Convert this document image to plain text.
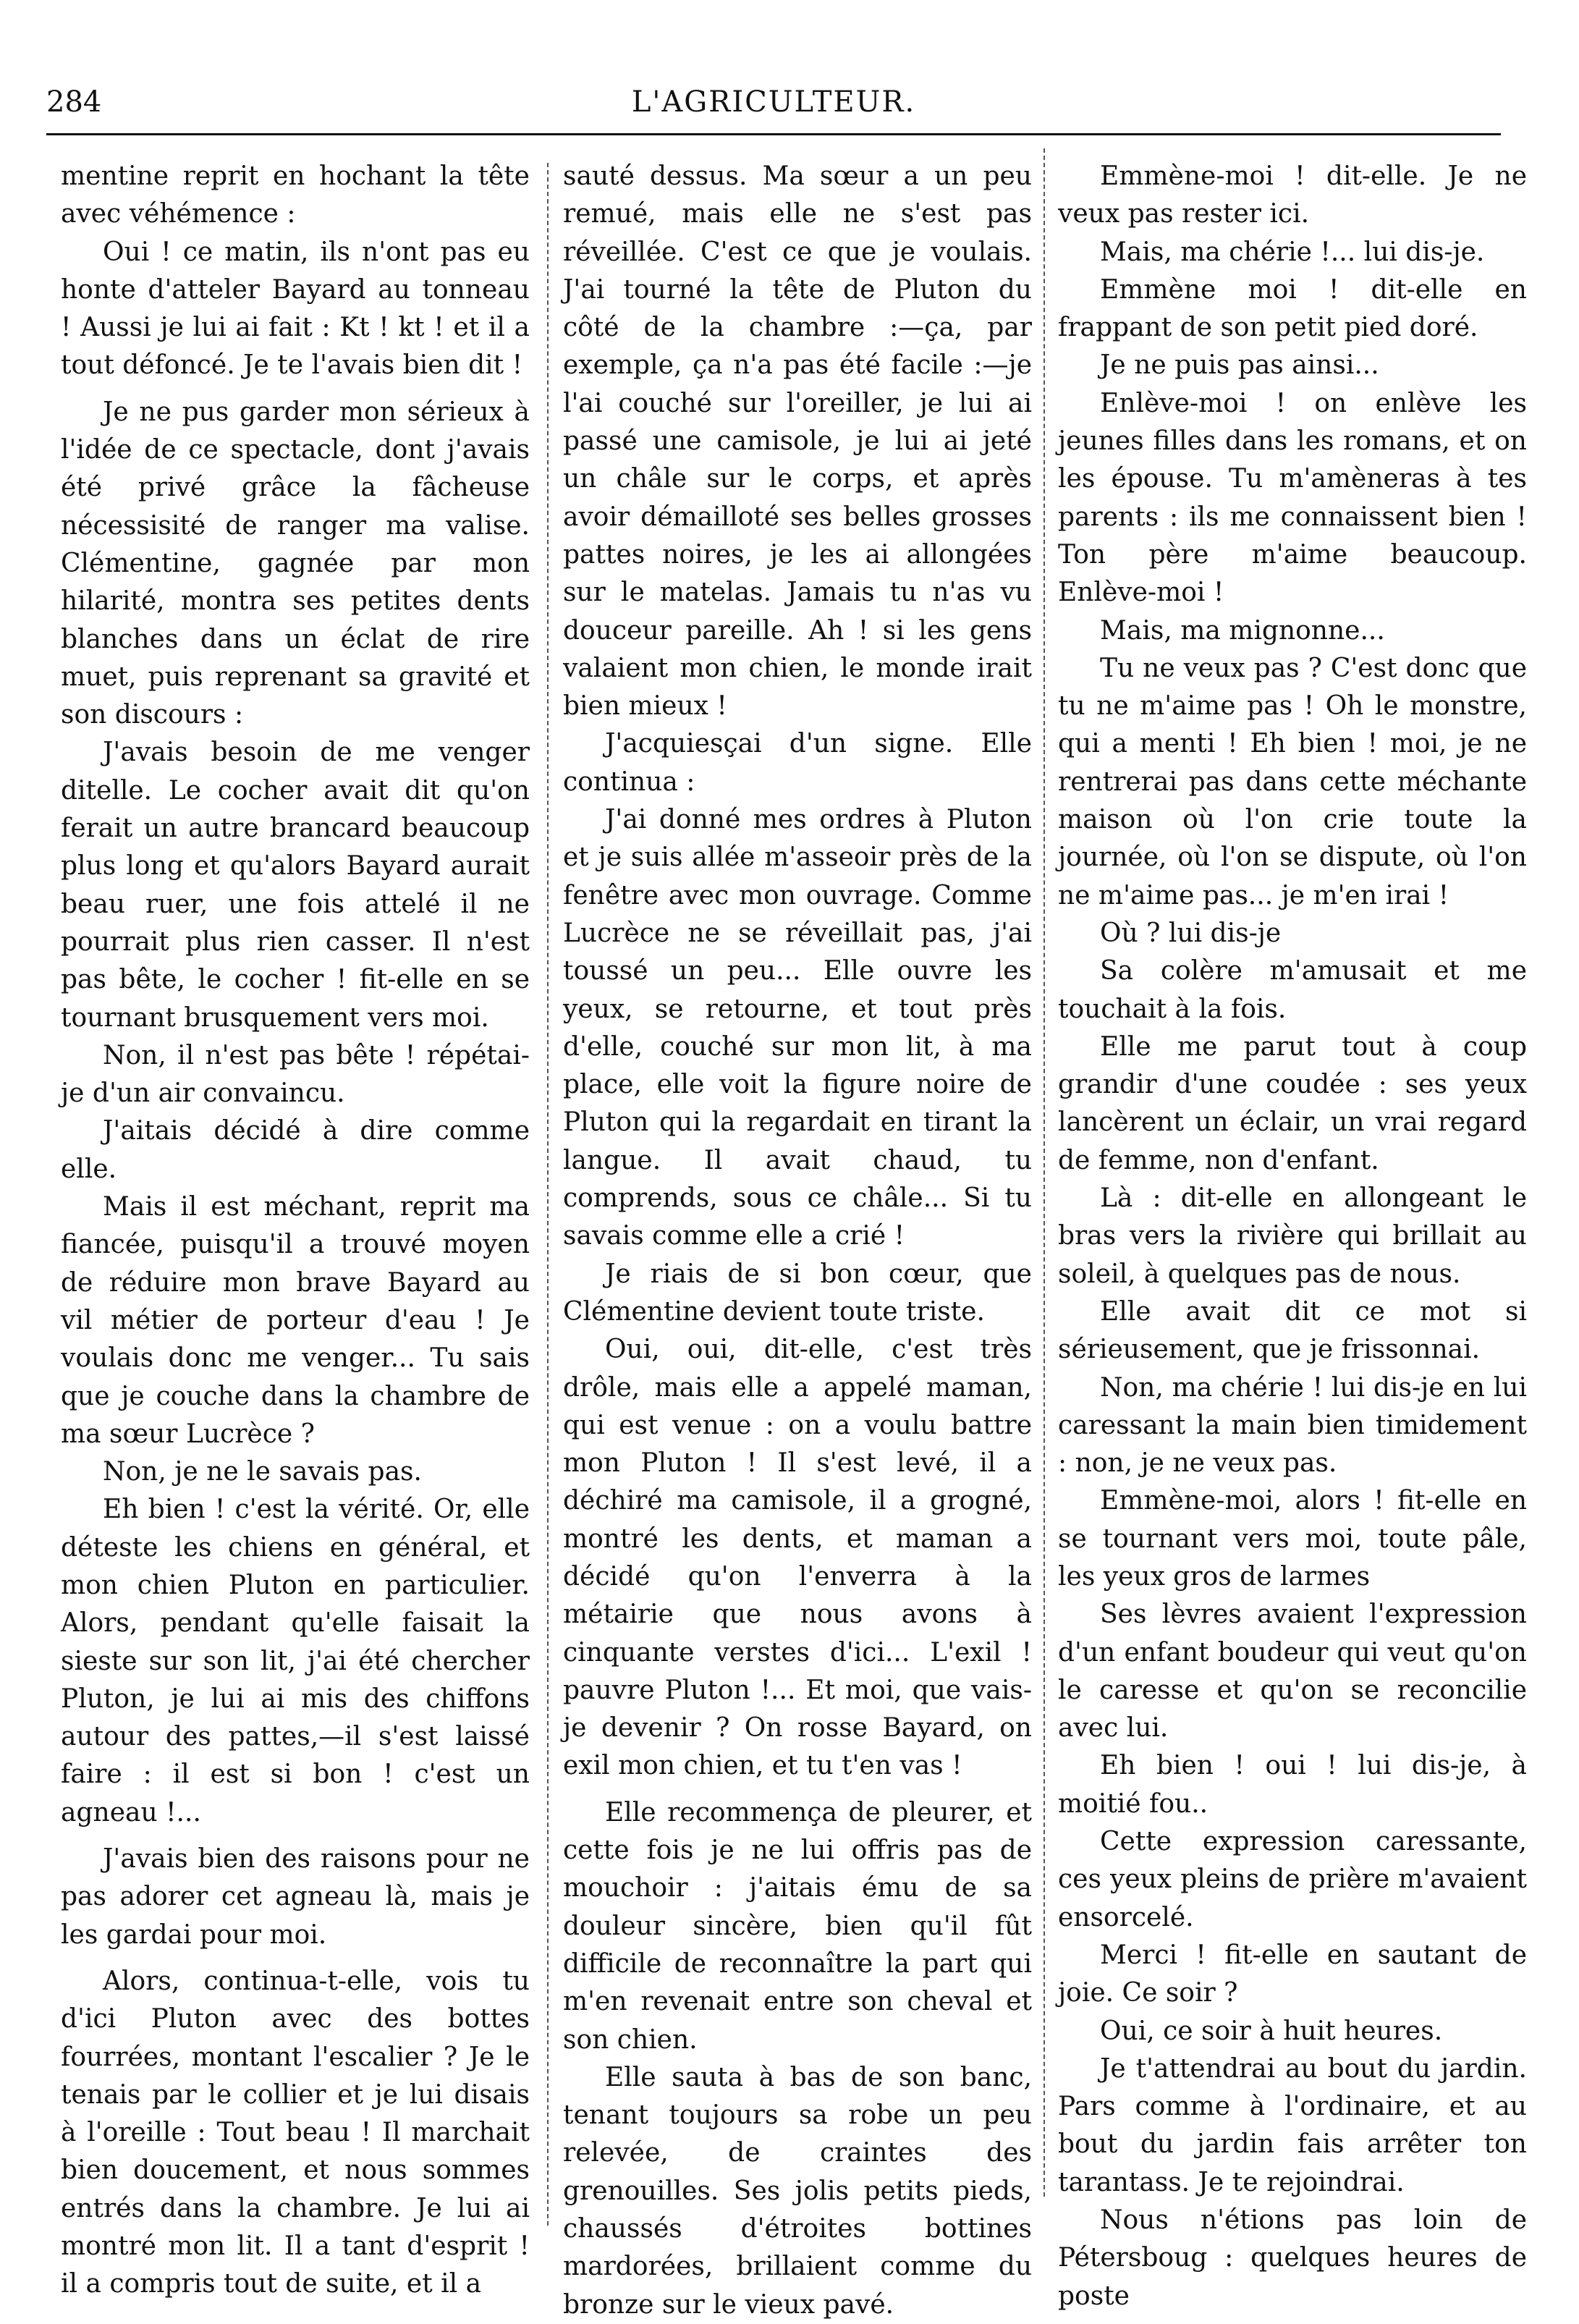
284	L'AGRICULTEUR.

mentine reprit en hochant la tête avec véhémence :

Oui ! ce matin, ils n'ont pas eu honte d'atteler Bayard au tonneau ! Aussi je lui ai fait : Kt ! kt ! et il a tout défoncé. Je te l'avais bien dit !

Je ne pus garder mon sérieux à l'idée de ce spectacle, dont j'avais été privé grâce la fâcheuse nécessisité de ranger ma valise. Clémentine, gagnée par mon hilarité, montra ses petites dents blanches dans un éclat de rire muet, puis reprenant sa gravité et son discours :

J'avais besoin de me venger ditelle. Le cocher avait dit qu'on ferait un autre brancard beaucoup plus long et qu'alors Bayard aurait beau ruer, une fois attelé il ne pourrait plus rien casser. Il n'est pas bête, le cocher ! fit-elle en se tournant brusquement vers moi.

Non, il n'est pas bête ! répétai-je d'un air convaincu.

J'aitais décidé à dire comme elle.

Mais il est méchant, reprit ma fiancée, puisqu'il a trouvé moyen de réduire mon brave Bayard au vil métier de porteur d'eau ! Je voulais donc me venger... Tu sais que je couche dans la chambre de ma sœur Lucrèce ?

Non, je ne le savais pas.

Eh bien ! c'est la vérité. Or, elle déteste les chiens en général, et mon chien Pluton en particulier. Alors, pendant qu'elle faisait la sieste sur son lit, j'ai été chercher Pluton, je lui ai mis des chiffons autour des pattes,—il s'est laissé faire : il est si bon ! c'est un agneau !...

J'avais bien des raisons pour ne pas adorer cet agneau là, mais je les gardai pour moi.

Alors, continua-t-elle, vois tu d'ici Pluton avec des bottes fourrées, montant l'escalier ? Je le tenais par le collier et je lui disais à l'oreille : Tout beau ! Il marchait bien doucement, et nous sommes entrés dans la chambre. Je lui ai montré mon lit. Il a tant d'esprit ! il a compris tout de suite, et il a

sauté dessus. Ma sœur a un peu remué, mais elle ne s'est pas réveillée. C'est ce que je voulais. J'ai tourné la tête de Pluton du côté de la chambre :—ça, par exemple, ça n'a pas été facile :—je l'ai couché sur l'oreiller, je lui ai passé une camisole, je lui ai jeté un châle sur le corps, et après avoir démailloté ses belles grosses pattes noires, je les ai allongées sur le matelas. Jamais tu n'as vu douceur pareille. Ah ! si les gens valaient mon chien, le monde irait bien mieux !

J'acquiesçai d'un signe. Elle continua :

J'ai donné mes ordres à Pluton et je suis allée m'asseoir près de la fenêtre avec mon ouvrage. Comme Lucrèce ne se réveillait pas, j'ai toussé un peu... Elle ouvre les yeux, se retourne, et tout près d'elle, couché sur mon lit, à ma place, elle voit la figure noire de Pluton qui la regardait en tirant la langue. Il avait chaud, tu comprends, sous ce châle... Si tu savais comme elle a crié !

Je riais de si bon cœur, que Clémentine devient toute triste.

Oui, oui, dit-elle, c'est très drôle, mais elle a appelé maman, qui est venue : on a voulu battre mon Pluton ! Il s'est levé, il a déchiré ma camisole, il a grogné, montré les dents, et maman a décidé qu'on l'enverra à la métairie que nous avons à cinquante verstes d'ici... L'exil ! pauvre Pluton !... Et moi, que vais-je devenir ? On rosse Bayard, on exil mon chien, et tu t'en vas !

Elle recommença de pleurer, et cette fois je ne lui offris pas de mouchoir : j'aitais ému de sa douleur sincère, bien qu'il fût difficile de reconnaître la part qui m'en revenait entre son cheval et son chien.

Elle sauta à bas de son banc, tenant toujours sa robe un peu relevée, de craintes des grenouilles. Ses jolis petits pieds, chaussés d'étroites bottines mardorées, brillaient comme du bronze sur le vieux pavé.

Emmène-moi ! dit-elle. Je ne veux pas rester ici.

Mais, ma chérie !... lui dis-je.

Emmène moi ! dit-elle en frappant de son petit pied doré.

Je ne puis pas ainsi...

Enlève-moi ! on enlève les jeunes filles dans les romans, et on les épouse. Tu m'amèneras à tes parents : ils me connaissent bien ! Ton père m'aime beaucoup. Enlève-moi !

Mais, ma mignonne...

Tu ne veux pas ? C'est donc que tu ne m'aime pas ! Oh le monstre, qui a menti ! Eh bien ! moi, je ne rentrerai pas dans cette méchante maison où l'on crie toute la journée, où l'on se dispute, où l'on ne m'aime pas... je m'en irai !

Où ? lui dis-je

Sa colère m'amusait et me touchait à la fois.

Elle me parut tout à coup grandir d'une coudée : ses yeux lancèrent un éclair, un vrai regard de femme, non d'enfant.

Là : dit-elle en allongeant le bras vers la rivière qui brillait au soleil, à quelques pas de nous.

Elle avait dit ce mot si sérieusement, que je frissonnai.

Non, ma chérie ! lui dis-je en lui caressant la main bien timidement : non, je ne veux pas.

Emmène-moi, alors ! fit-elle en se tournant vers moi, toute pâle, les yeux gros de larmes

Ses lèvres avaient l'expression d'un enfant boudeur qui veut qu'on le caresse et qu'on se reconcilie avec lui.

Eh bien ! oui ! lui dis-je, à moitié fou..

Cette expression caressante, ces yeux pleins de prière m'avaient ensorcelé.

Merci ! fit-elle en sautant de joie. Ce soir ?

Oui, ce soir à huit heures.

Je t'attendrai au bout du jardin. Pars comme à l'ordinaire, et au bout du jardin fais arrêter ton tarantass. Je te rejoindrai.

Nous n'étions pas loin de Pétersboug : quelques heures de poste
